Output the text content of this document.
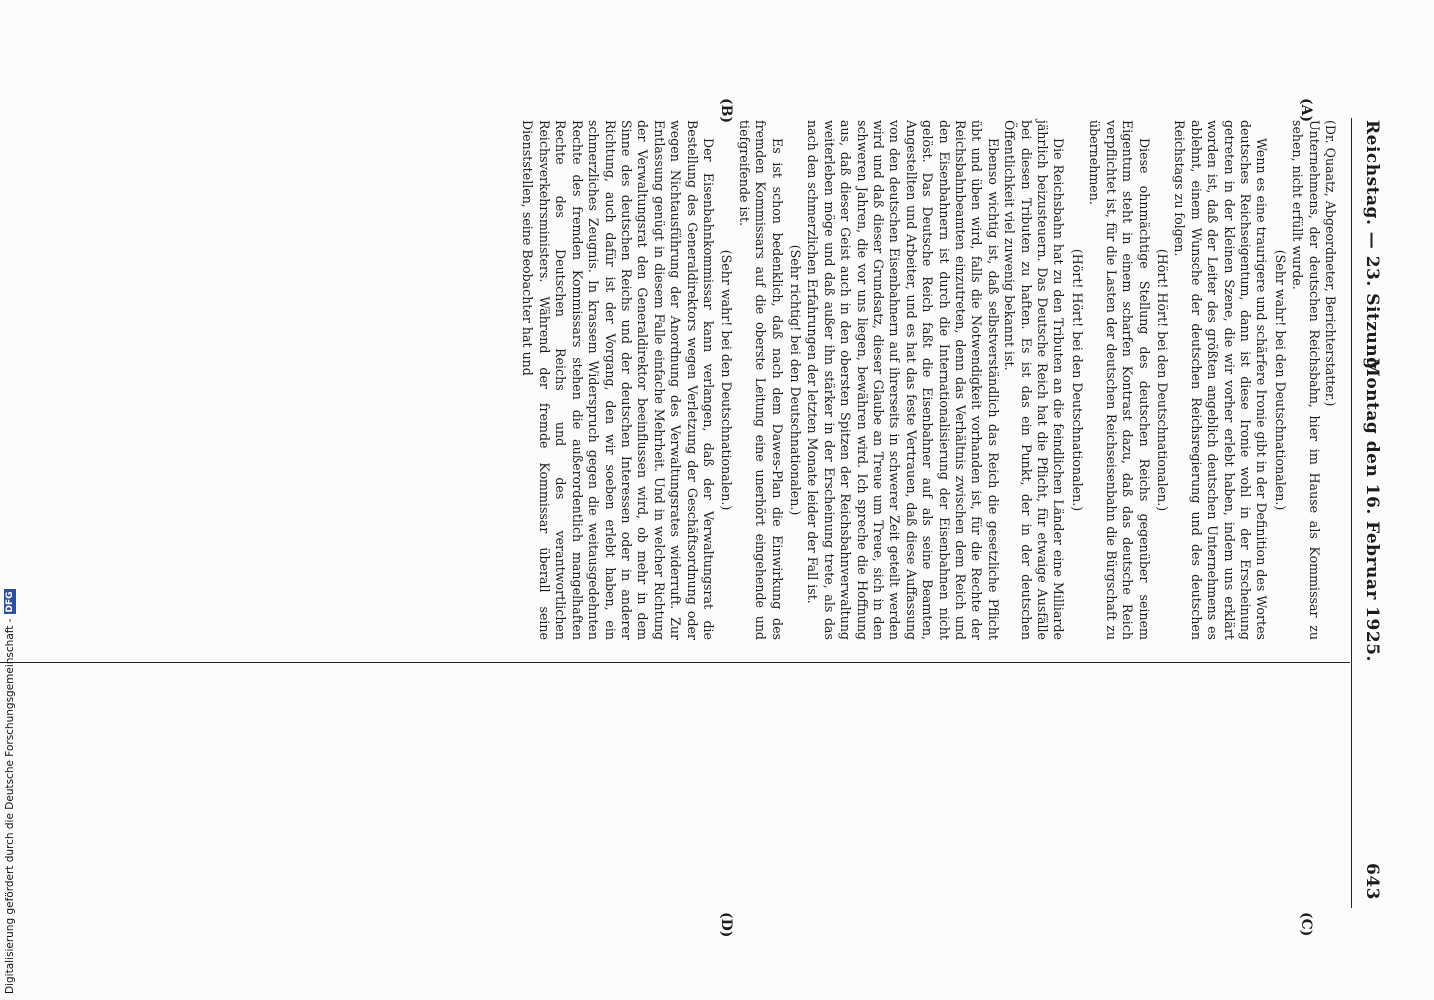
Reichstag. — 23. Sitzung.
Montag den 16. Februar 1925.
643
(A)
(B)
(C)
(D)

(Dr. Quaatz, Abgeordneter, Berichterstatter.)

Unternehmens, der deutschen Reichsbahn, hier im Hause als Kommissar zu sehen, nicht erfüllt wurde.

(Sehr wahr! bei den Deutschnationalen.)

Wenn es eine traurigere und schärfere Ironie gibt in der Definition des Wortes deutsches Reichseigentum, dann ist diese Ironie wohl in der Erscheinung getreten in der kleinen Szene, die wir vorher erlebt haben, indem uns erklärt worden ist, daß der Leiter des größten angeblich deutschen Unternehmens es ablehnt, einem Wunsche der deutschen Reichsregierung und des deutschen Reichstags zu folgen.

(Hört! Hört! bei den Deutschnationalen.)

Diese ohnmächtige Stellung des deutschen Reichs gegenüber seinem Eigentum steht in einem scharfen Kontrast dazu, daß das deutsche Reich verpflichtet ist, für die Lasten der deutschen Reichseisenbahn die Bürgschaft zu übernehmen.

(Hört! Hört! bei den Deutschnationalen.)

Die Reichsbahn hat zu den Tributen an die feindlichen Länder eine Milliarde jährlich beizusteuern. Das Deutsche Reich hat die Pflicht, für etwaige Ausfälle bei diesen Tributen zu haften. Es ist das ein Punkt, der in der deutschen Öffentlichkeit viel zuwenig bekannt ist.

Ebenso wichtig ist, daß selbstverständlich das Reich die gesetzliche Pflicht übt und üben wird, falls die Notwendigkeit vorhanden ist, für die Rechte der Reichsbahnbeamten einzutreten, denn das Verhältnis zwischen dem Reich und den Eisenbahnern ist durch die Internationalisierung der Eisenbahnen nicht gelöst. Das Deutsche Reich faßt die Eisenbahner auf als seine Beamten, Angestellten und Arbeiter, und es hat das feste Vertrauen, daß diese Auffassung von den deutschen Eisenbahnern auf ihrerseits in schwerer Zeit geteilt werden wird und daß dieser Grundsatz, dieser Glaube an Treue um Treue, sich in den schweren Jahren, die vor uns liegen, bewähren wird. Ich spreche die Hoffnung aus, daß dieser Geist auch in den obersten Spitzen der Reichsbahnverwaltung weiterleben möge und daß außer ihn stärker in der Erscheinung trete, als das nach den schmerzlichen Erfahrungen der letzten Monate leider der Fall ist.

(Sehr richtig! bei den Deutschnationalen.)

Es ist schon bedenklich, daß nach dem Dawes-Plan die Einwirkung des fremden Kommissars auf die oberste Leitung eine unerhört eingehende und tiefgreifende ist.

(Sehr wahr! bei den Deutschnationalen.)

Der Eisenbahnkommissar kann verlangen, daß der Verwaltungsrat die Bestellung des Generaldirektors wegen Verletzung der Geschäftsordnung oder wegen Nichtausführung der Anordnung des Verwaltungsrates widerruft. Zur Entlassung genügt in diesem Falle einfache Mehrheit. Und in welcher Richtung der Verwaltungsrat den Generaldirektor beeinflussen wird, ob mehr in dem Sinne des deutschen Reichs und der deutschen Interessen oder in anderer Richtung, auch dafür ist der Vorgang, den wir soeben erlebt haben, ein schmerzliches Zeugnis. In krassem Widerspruch gegen die weitausgedehnten Rechte des fremden Kommissars stehen die außerordentlich mangelhaften Rechte des Deutschen Reichs und des verantwortlichen Reichsverkehrsministers. Während der fremde Kommissar überall seine Dienststellen, seine Beobachter hat und

Digitalisierung gefördert durch die Deutsche Forschungsgemeinschaft -DFG
